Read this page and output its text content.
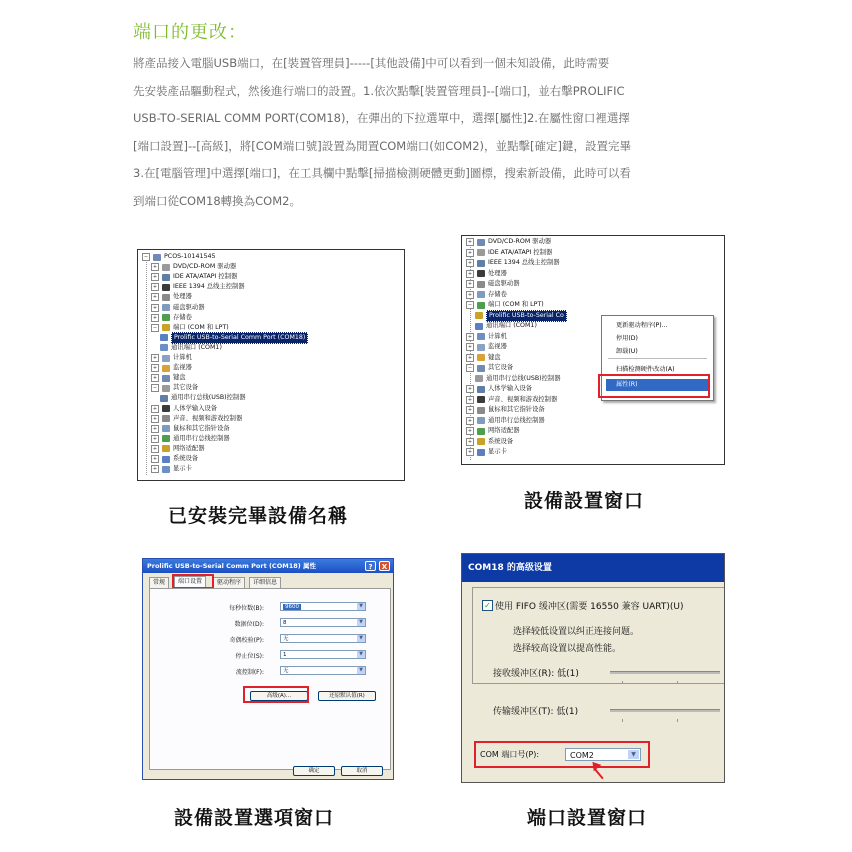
端口的更改：
將產品接入電腦USB端口，在[裝置管理員]-----[其他設備]中可以看到一個未知設備，此時需要
先安裝產品驅動程式，然後進行端口的設置。1.依次點擊[裝置管理員]--[端口]，並右擊PROLIFIC
USB-TO-SERIAL COMM PORT(COM18)，在彈出的下拉選單中，選擇[屬性]2.在屬性窗口裡選擇
[端口設置]--[高級]，將[COM端口號]設置為閒置COM端口(如COM2)，並點擊[確定]鍵，設置完畢
3.在[電腦管理]中選擇[端口]，在工具欄中點擊[掃描檢測硬體更動]圖標，搜索新設備，此時可以看
到端口從COM18轉換為COM2。
−	PCOS-10141545
+	DVD/CD-ROM 驱动器
+	IDE ATA/ATAPI 控制器
+	IEEE 1394 总线主控制器
+	处理器
+	磁盘驱动器
+	存储卷
−	端口 (COM 和 LPT)
Prolific USB-to-Serial Comm Port (COM18)
通讯端口 (COM1)
+	计算机
+	监视器
+	键盘
−	其它设备
通用串行总线(USB)控制器
+	人体学输入设备
+	声音、视频和游戏控制器
+	鼠标和其它指针设备
+	通用串行总线控制器
+	网络适配器
+	系统设备
+	显示卡
+	DVD/CD-ROM 驱动器
+	IDE ATA/ATAPI 控制器
+	IEEE 1394 总线主控制器
+	处理器
+	磁盘驱动器
+	存储卷
−	端口 (COM 和 LPT)
Prolific USB-to-Serial Co
通讯端口 (COM1)
+	计算机
+	监视器
+	键盘
−	其它设备
通用串行总线(USB)控制器
+	人体学输入设备
+	声音、视频和游戏控制器
+	鼠标和其它指针设备
+	通用串行总线控制器
+	网络适配器
+	系统设备
+	显示卡
更新驱动程序(P)...
停用(D)
卸载(U)
扫描检测硬件改动(A)
属性(R)
已安裝完畢設備名稱
設備設置窗口
設備設置選項窗口	端口設置窗口
Prolific USB-to-Serial Comm Port (COM18) 属性	?	X
常规	端口设置	驱动程序	详细信息
每秒位数(B):	9600	▼
数据位(D):	8	▼
奇偶校验(P):	无	▼
停止位(S):	1	▼
流控制(F):	无	▼
高级(A)...	还原默认值(R)
确定	取消
COM18 的高级设置
✓ 使用 FIFO 缓冲区(需要 16550 兼容 UART)(U)
选择较低设置以纠正连接问题。
选择较高设置以提高性能。
接收缓冲区(R): 低(1)
传输缓冲区(T): 低(1)
COM 端口号(P):	COM2	▼
